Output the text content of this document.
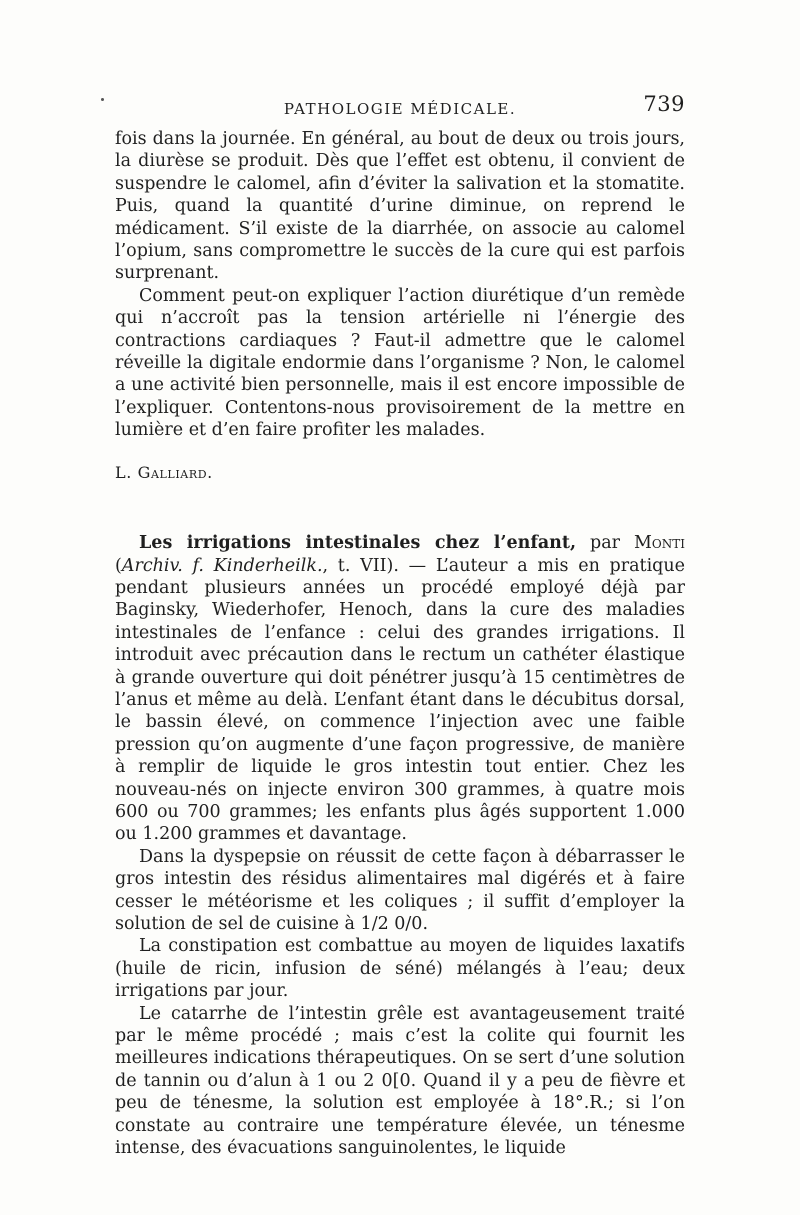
PATHOLOGIE MÉDICALE.	739

fois dans la journée. En général, au bout de deux ou trois jours, la diurèse se produit. Dès que l’effet est obtenu, il convient de suspendre le calomel, afin d’éviter la salivation et la stomatite. Puis, quand la quantité d’urine diminue, on reprend le médicament. S’il existe de la diarrhée, on associe au calomel l’opium, sans compromettre le succès de la cure qui est parfois surprenant.

Comment peut-on expliquer l’action diurétique d’un remède qui n’accroît pas la tension artérielle ni l’énergie des contractions cardiaques ? Faut-il admettre que le calomel réveille la digitale endormie dans l’organisme ? Non, le calomel a une activité bien personnelle, mais il est encore impossible de l’expliquer. Contentons-nous provisoirement de la mettre en lumière et d’en faire profiter les malades.

L. Galliard.

Les irrigations intestinales chez l’enfant, par Monti (Archiv. f. Kinderheilk., t. VII). — L’auteur a mis en pratique pendant plusieurs années un procédé employé déjà par Baginsky, Wiederhofer, Henoch, dans la cure des maladies intestinales de l’enfance : celui des grandes irrigations. Il introduit avec précaution dans le rectum un cathéter élastique à grande ouverture qui doit pénétrer jusqu’à 15 centimètres de l’anus et même au delà. L’enfant étant dans le décubitus dorsal, le bassin élevé, on commence l’injection avec une faible pression qu’on augmente d’une façon progressive, de manière à remplir de liquide le gros intestin tout entier. Chez les nouveau-nés on injecte environ 300 grammes, à quatre mois 600 ou 700 grammes; les enfants plus âgés supportent 1.000 ou 1.200 grammes et davantage.

Dans la dyspepsie on réussit de cette façon à débarrasser le gros intestin des résidus alimentaires mal digérés et à faire cesser le météorisme et les coliques ; il suffit d’employer la solution de sel de cuisine à 1/2 0/0.

La constipation est combattue au moyen de liquides laxatifs (huile de ricin, infusion de séné) mélangés à l’eau; deux irrigations par jour.

Le catarrhe de l’intestin grêle est avantageusement traité par le même procédé ; mais c’est la colite qui fournit les meilleures indications thérapeutiques. On se sert d’une solution de tannin ou d’alun à 1 ou 2 0[0. Quand il y a peu de fièvre et peu de ténesme, la solution est employée à 18°.R.; si l’on constate au contraire une température élevée, un ténesme intense, des évacuations sanguinolentes, le liquide
